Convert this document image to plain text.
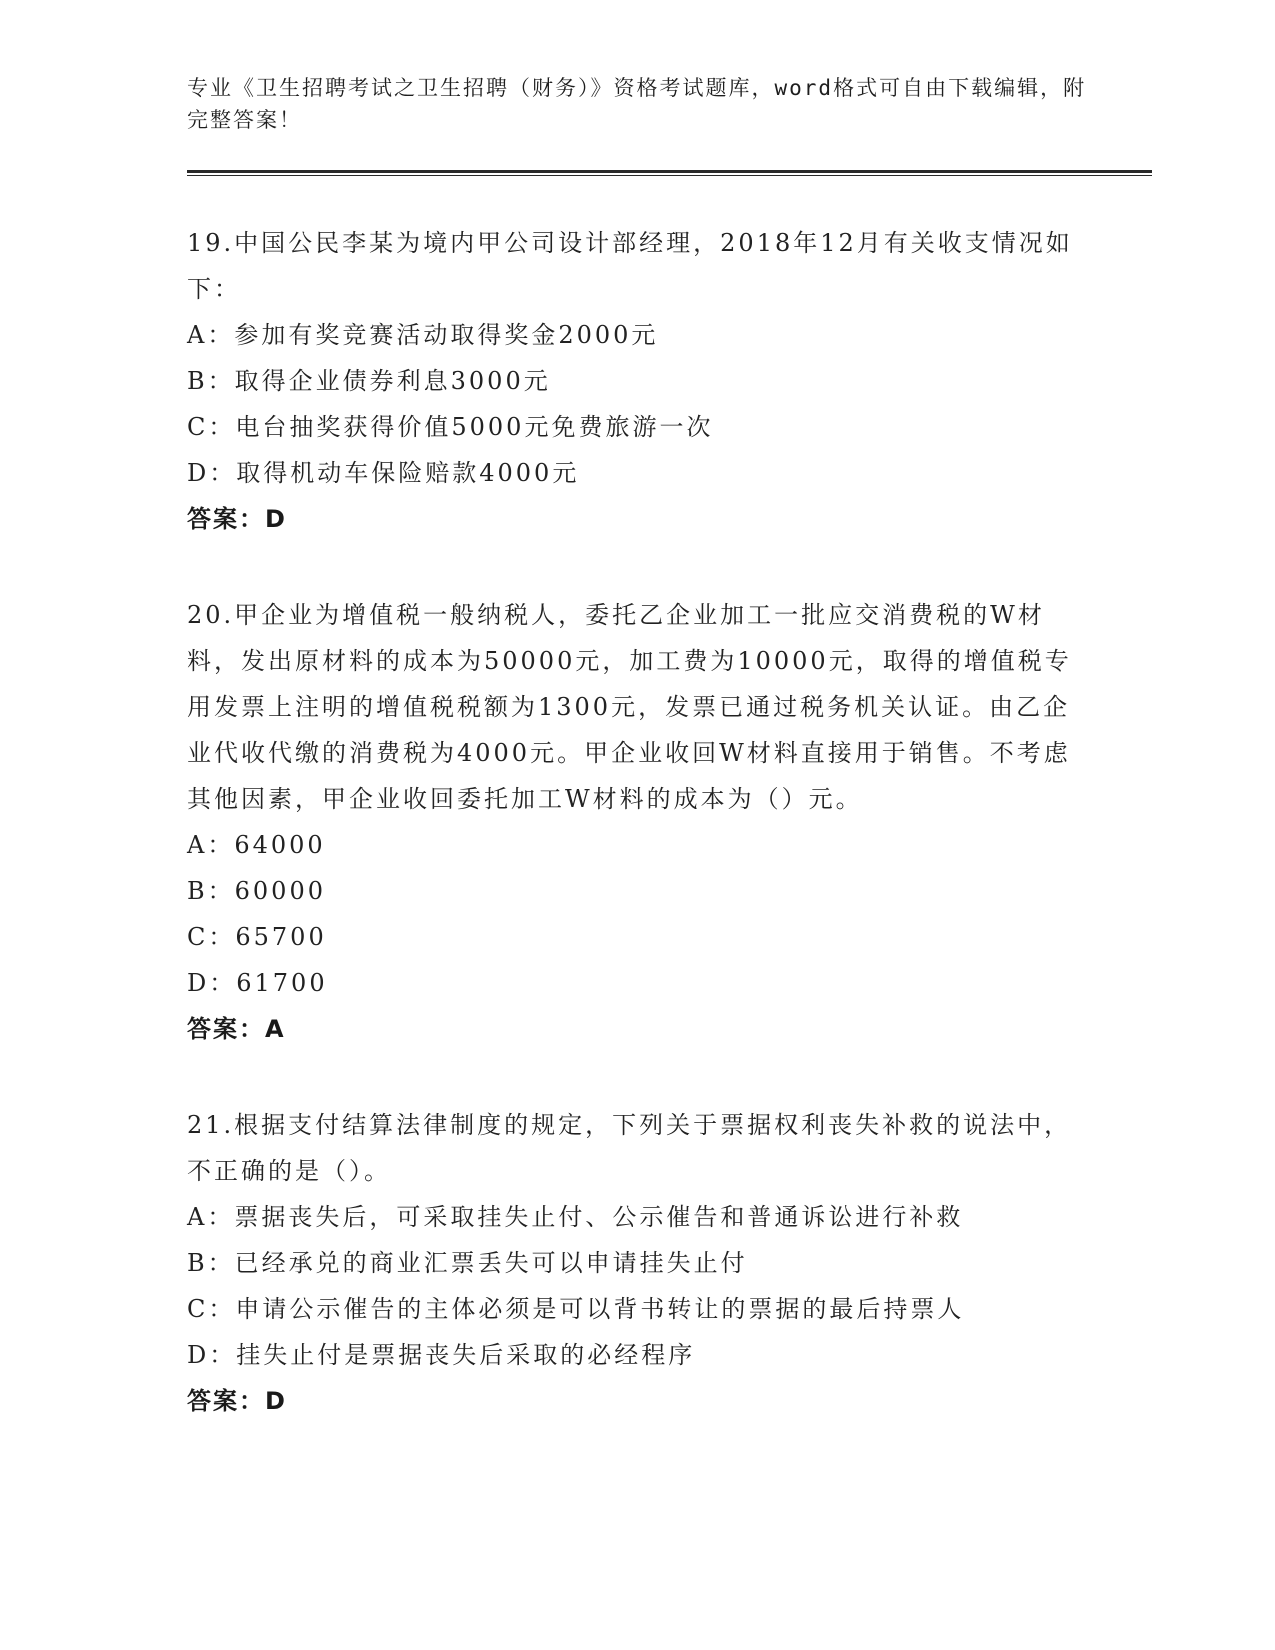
专业《卫生招聘考试之卫生招聘（财务）》资格考试题库，word格式可自由下载编辑，附完整答案！
19.中国公民李某为境内甲公司设计部经理，2018年12月有关收支情况如下：
A：参加有奖竞赛活动取得奖金2000元
B：取得企业债券利息3000元
C：电台抽奖获得价值5000元免费旅游一次
D：取得机动车保险赔款4000元
答案：D
20.甲企业为增值税一般纳税人，委托乙企业加工一批应交消费税的W材料，发出原材料的成本为50000元，加工费为10000元，取得的增值税专用发票上注明的增值税税额为1300元，发票已通过税务机关认证。由乙企业代收代缴的消费税为4000元。甲企业收回W材料直接用于销售。不考虑其他因素，甲企业收回委托加工W材料的成本为（）元。
A：64000
B：60000
C：65700
D：61700
答案：A
21.根据支付结算法律制度的规定，下列关于票据权利丧失补救的说法中，不正确的是（）。
A：票据丧失后，可采取挂失止付、公示催告和普通诉讼进行补救
B：已经承兑的商业汇票丢失可以申请挂失止付
C：申请公示催告的主体必须是可以背书转让的票据的最后持票人
D：挂失止付是票据丧失后采取的必经程序
答案：D
